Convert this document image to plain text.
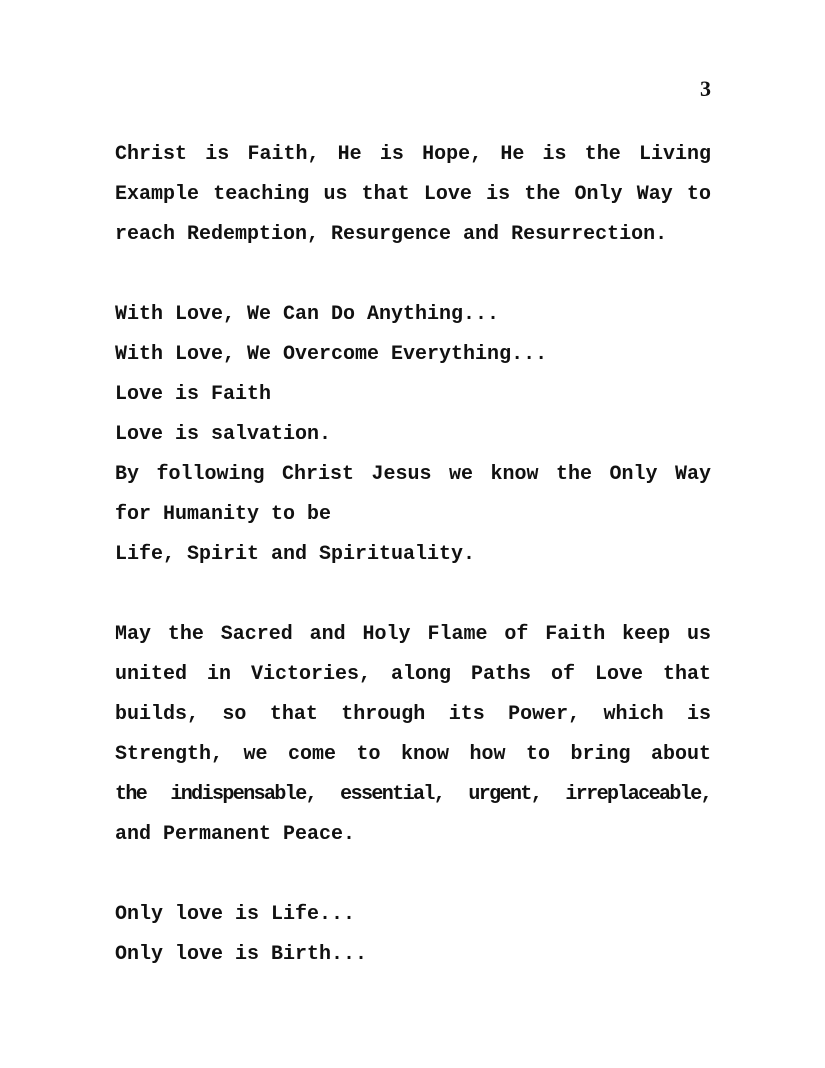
3
Christ is Faith, He is Hope, He is the Living
Example teaching us that Love is the Only Way to
reach Redemption, Resurgence and Resurrection.
With Love, We Can Do Anything...
With Love, We Overcome Everything...
Love is Faith
Love is salvation.
By following Christ Jesus we know the Only Way
for Humanity to be
Life, Spirit and Spirituality.
May the Sacred and Holy Flame of Faith keep us
united in Victories, along Paths of Love that
builds, so that through its Power, which is
Strength, we come to know how to bring about
the indispensable, essential, urgent, irreplaceable,
and Permanent Peace.
Only love is Life...
Only love is Birth...
